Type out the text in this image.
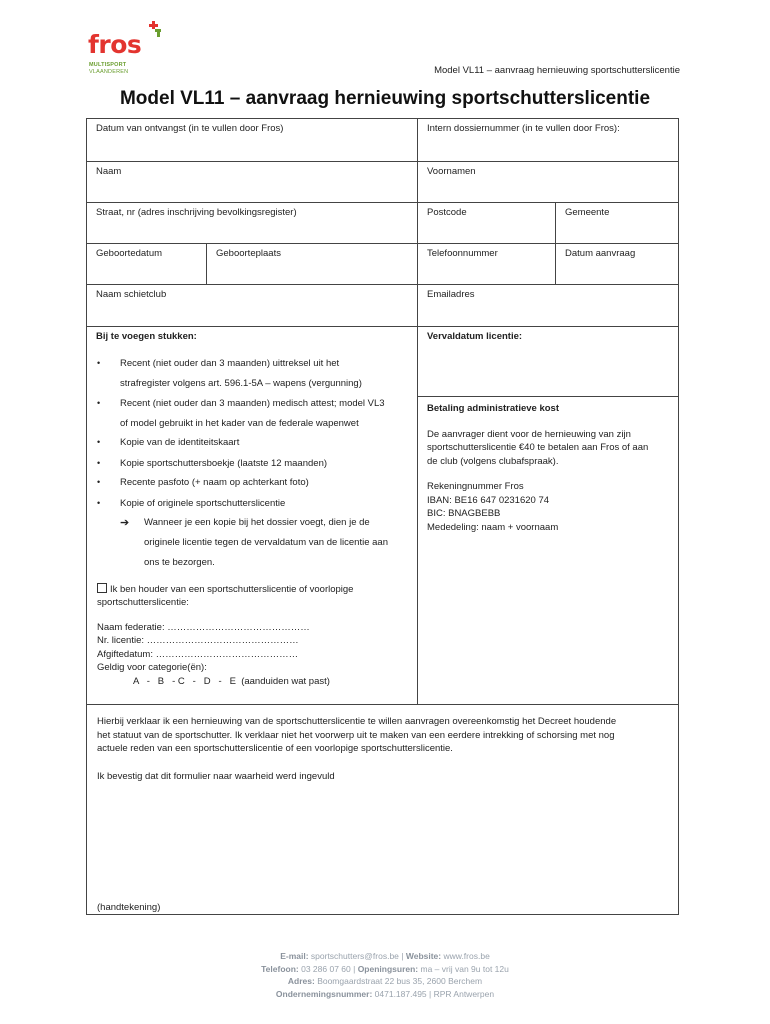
fros
MULTISPORT
VLAANDEREN	Model VL11 – aanvraag hernieuwing sportschutterslicentie
Model VL11 – aanvraag hernieuwing sportschutterslicentie
Datum van ontvangst (in te vullen door Fros)	Intern dossiernummer (in te vullen door Fros):
Naam	Voornamen
Straat, nr (adres inschrijving bevolkingsregister)	Postcode	Gemeente
Geboortedatum	Geboorteplaats	Telefoonnummer	Datum aanvraag
Naam schietclub	Emailadres
Bij te voegen stukken:	Vervaldatum licentie:
• Recent (niet ouder dan 3 maanden) uittreksel uit het
strafregister volgens art. 596.1-5A – wapens (vergunning)
• Recent (niet ouder dan 3 maanden) medisch attest; model VL3
of model gebruikt in het kader van de federale wapenwet
• Kopie van de identiteitskaart
• Kopie sportschuttersboekje (laatste 12 maanden)
• Recente pasfoto (+ naam op achterkant foto)
• Kopie of originele sportschutterslicentie
➔ Wanneer je een kopie bij het dossier voegt, dien je de
originele licentie tegen de vervaldatum van de licentie aan
ons te bezorgen.
Ik ben houder van een sportschutterslicentie of voorlopige
sportschutterslicentie:
Naam federatie: ………………………………………
Nr. licentie: …………………………………………
Afgiftedatum: ………………………………………
Geldig voor categorie(ën):
A   -   B   - C   -   D   -   E  (aanduiden wat past)
Betaling administratieve kost
De aanvrager dient voor de hernieuwing van zijn
sportschutterslicentie €40 te betalen aan Fros of aan
de club (volgens clubafspraak).
Rekeningnummer Fros
IBAN: BE16 647 0231620 74
BIC: BNAGBEBB
Mededeling: naam + voornaam
Hierbij verklaar ik een hernieuwing van de sportschutterslicentie te willen aanvragen overeenkomstig het Decreet houdende
het statuut van de sportschutter. Ik verklaar niet het voorwerp uit te maken van een eerdere intrekking of schorsing met nog
actuele reden van een sportschutterslicentie of een voorlopige sportschutterslicentie.
Ik bevestig dat dit formulier naar waarheid werd ingevuld
(handtekening)
E-mail: sportschutters@fros.be | Website: www.fros.be
Telefoon: 03 286 07 60 | Openingsuren: ma – vrij van 9u tot 12u
Adres: Boomgaardstraat 22 bus 35, 2600 Berchem
Ondernemingsnummer: 0471.187.495 | RPR Antwerpen
